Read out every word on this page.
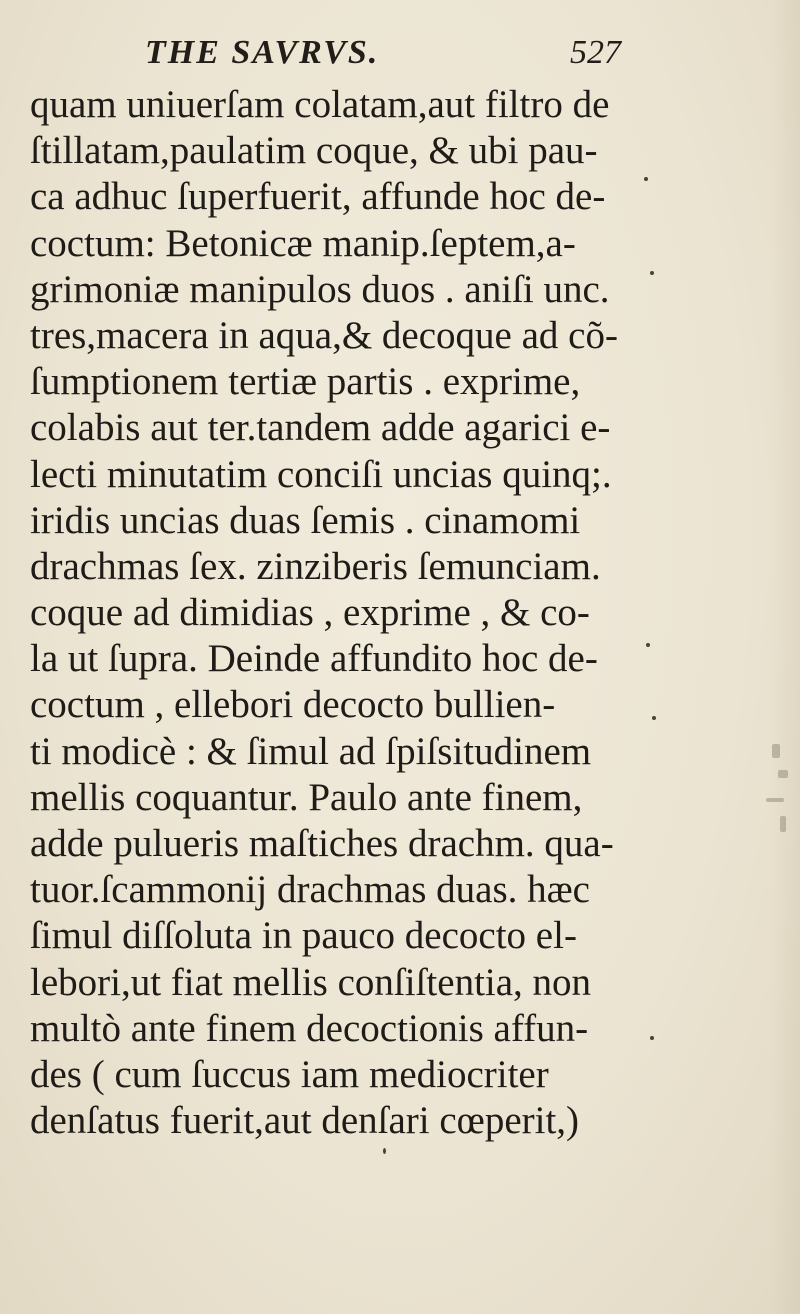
THE SAVRVS.	527
quam uniuerſam colatam,aut filtro de
ſtillatam,paulatim coque, & ubi pau-
ca adhuc ſuperfuerit, affunde hoc de-
coctum: Betonicæ manip.ſeptem,a-
grimoniæ manipulos duos . aniſi unc.
tres,macera in aqua,& decoque ad cõ-
ſumptionem tertiæ partis . exprime,
colabis aut ter.tandem adde agarici e-
lecti minutatim conciſi uncias quinq;.
iridis uncias duas ſemis . cinamomi
drachmas ſex. zinziberis ſemunciam.
coque ad dimidias , exprime , & co-
la ut ſupra. Deinde affundito hoc de-
coctum , ellebori decocto bullien-
ti modicè : & ſimul ad ſpiſsitudinem
mellis coquantur. Paulo ante finem,
adde pulueris maſtiches drachm. qua-
tuor.ſcammonij drachmas duas. hæc
ſimul diſſoluta in pauco decocto el-
lebori,ut fiat mellis conſiſtentia, non
multò ante finem decoctionis affun-
des ( cum ſuccus iam mediocriter
denſatus fuerit,aut denſari cœperit,)
